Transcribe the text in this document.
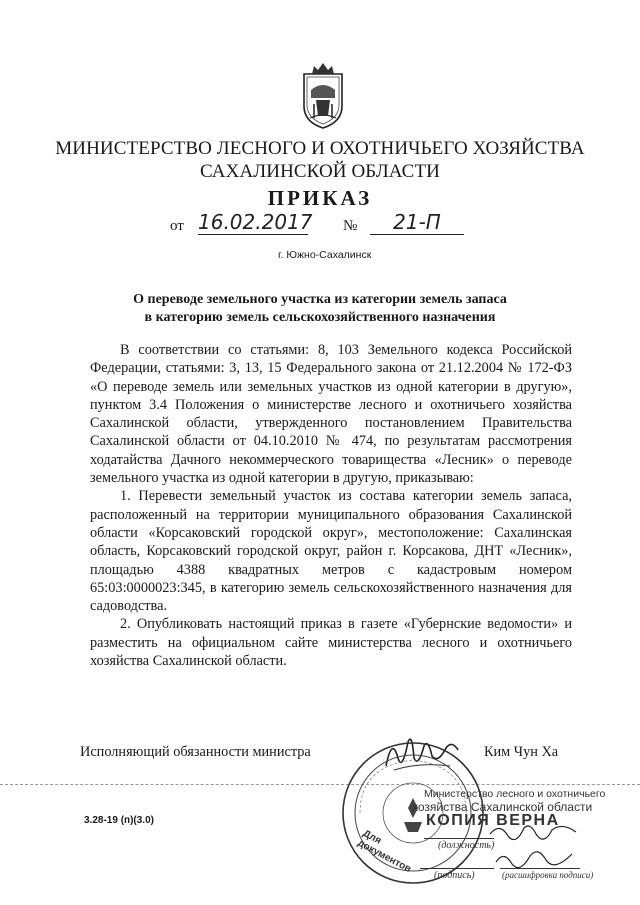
МИНИСТЕРСТВО ЛЕСНОГО И ОХОТНИЧЬЕГО ХОЗЯЙСТВА
САХАЛИНСКОЙ ОБЛАСТИ
ПРИКАЗ
от 16.02.2017 №	21-П
г. Южно-Сахалинск
О переводе земельного участка из категории земель запаса
в категорию земель сельскохозяйственного назначения

В соответствии со статьями: 8, 103 Земельного кодекса Российской Федерации, статьями: 3, 13, 15 Федерального закона от 21.12.2004 № 172-ФЗ «О переводе земель или земельных участков из одной категории в другую», пунктом 3.4 Положения о министерстве лесного и охотничьего хозяйства Сахалинской области, утвержденного постановлением Правительства Сахалинской области от 04.10.2010 № 474, по результатам рассмотрения ходатайства Дачного некоммерческого товарищества «Лесник» о переводе земельного участка из одной категории в другую, приказываю:

1. Перевести земельный участок из состава категории земель запаса, расположенный на территории муниципального образования Сахалинской области «Корсаковский городской округ», местоположение: Сахалинская область, Корсаковский городской округ, район г. Корсакова, ДНТ «Лесник», площадью 4388 квадратных метров с кадастровым номером 65:03:0000023:345, в категорию земель сельскохозяйственного назначения для садоводства.

2. Опубликовать настоящий приказ в газете «Губернские ведомости» и разместить на официальном сайте министерства лесного и охотничьего хозяйства Сахалинской области.

Исполняющий обязанности министра	Ким Чун Ха
3.28-19 (п)(3.0)
Министерство лесного и охотничьего
хозяйства Сахалинской области
КОПИЯ ВЕРНА
Для документов	(должность)
(подпись)	(расшифровка подписи)
